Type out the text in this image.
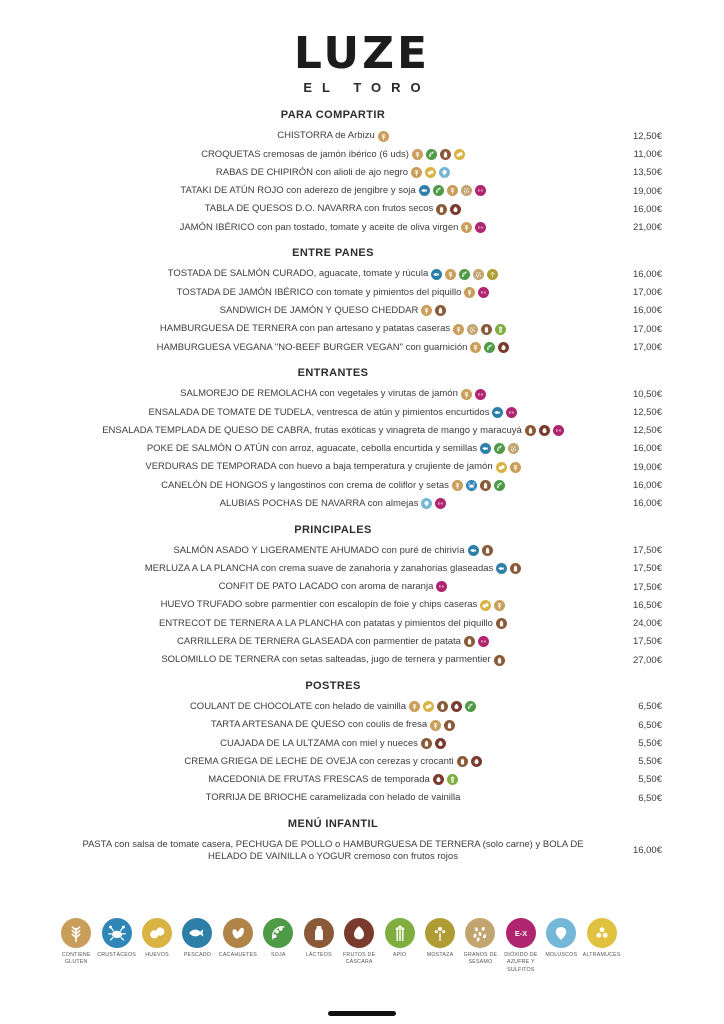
LUZE
EL TORO
PARA COMPARTIR
CHISTORRA de Arbizu	12,50€
CROQUETAS cremosas de jamón ibérico (6 uds)	11,00€
RABAS DE CHIPIRÓN con alioli de ajo negro	13,50€
TATAKI DE ATÚN ROJO con aderezo de jengibre y soja	E-X	19,00€
TABLA DE QUESOS D.O. NAVARRA con frutos secos	16,00€
JAMÓN IBÉRICO con pan tostado, tomate y aceite de oliva virgen E-X	21,00€
ENTRE PANES
TOSTADA DE SALMÓN CURADO, aguacate, tomate y rúcula	16,00€
TOSTADA DE JAMÓN IBÉRICO con tomate y pimientos del piquillo E-X	17,00€
SANDWICH DE JAMÓN Y QUESO CHEDDAR	16,00€
HAMBURGUESA DE TERNERA con pan artesano y patatas caseras	17,00€
HAMBURGUESA VEGANA "NO-BEEF BURGER VEGAN" con guarnición	17,00€
ENTRANTES
SALMOREJO DE REMOLACHA con vegetales y virutas de jamón E-X	10,50€
ENSALADA DE TOMATE DE TUDELA, ventresca de atún y pimientos encurtidos E-X	12,50€
ENSALADA TEMPLADA DE QUESO DE CABRA, frutas exóticas y vinagreta de mango y maracuyá	E-X	12,50€
POKE DE SALMÓN O ATÚN con arroz, aguacate, cebolla encurtida y semillas	16,00€
VERDURAS DE TEMPORADA con huevo a baja temperatura y crujiente de jamón	19,00€
CANELÓN DE HONGOS y langostinos con crema de coliflor y setas	16,00€
ALUBIAS POCHAS DE NAVARRA con almejas E-X	16,00€
PRINCIPALES
SALMÓN ASADO Y LIGERAMENTE AHUMADO con puré de chirivía	17,50€
MERLUZA A LA PLANCHA con crema suave de zanahoria y zanahorias glaseadas	17,50€
CONFIT DE PATO LACADO con aroma de naranja E-X	17,50€
HUEVO TRUFADO sobre parmentier con escalopín de foie y chips caseras	16,50€
ENTRECOT DE TERNERA A LA PLANCHA con patatas y pimientos del piquillo	24,00€
CARRILLERA DE TERNERA GLASEADA con parmentier de patata E-X	17,50€
SOLOMILLO DE TERNERA con setas salteadas, jugo de ternera y parmentier	27,00€
POSTRES
COULANT DE CHOCOLATE con helado de vainilla	6,50€
TARTA ARTESANA DE QUESO con coulis de fresa	6,50€
CUAJADA DE LA ULTZAMA con miel y nueces	5,50€
CREMA GRIEGA DE LECHE DE OVEJA con cerezas y crocanti	5,50€
MACEDONIA DE FRUTAS FRESCAS de temporada	5,50€
TORRIJA DE BRIOCHE caramelizada con helado de vainilla	6,50€
MENÚ INFANTIL
PASTA con salsa de tomate casera, PECHUGA DE POLLO o HAMBURGUESA DE TERNERA (solo carne) y BOLA DE HELADO DE VAINILLA o YOGUR cremoso con frutos rojos	16,00€
CONTIENE GLUTEN
CRUSTÁCEOS HUEVOS	PESCADO CACAHUETES	SOJA	LÁCTEOS	FRUTOS DE CÁSCARA
APIO	MOSTAZA	GRANOS DE SÉSAMO
E-X
DIÓXIDO DE AZUFRE Y SULFITOS
MOLUSCOS ALTRAMUCES
